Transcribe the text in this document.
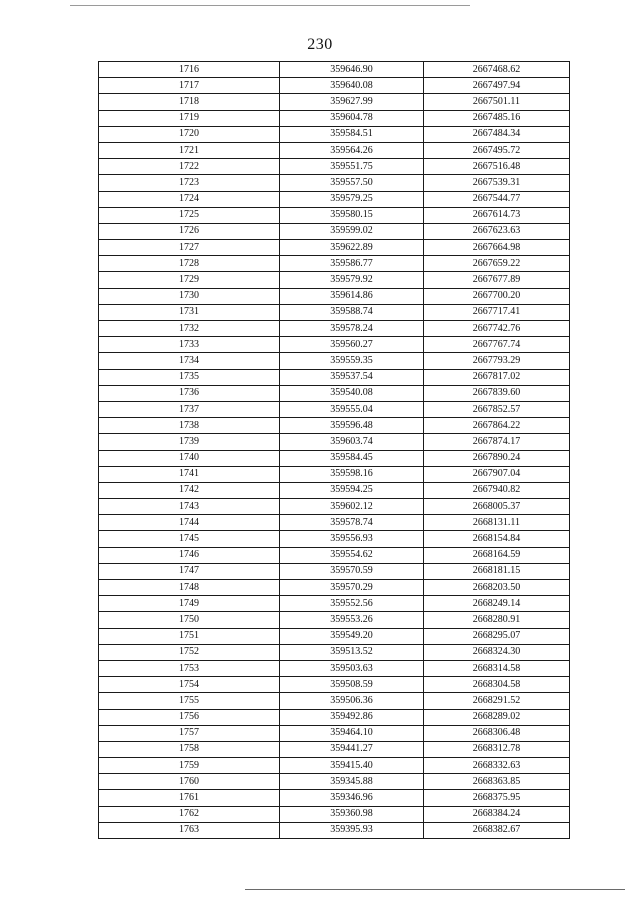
230
1716	359646.90	2667468.62
1717	359640.08	2667497.94
1718	359627.99	2667501.11
1719	359604.78	2667485.16
1720	359584.51	2667484.34
1721	359564.26	2667495.72
1722	359551.75	2667516.48
1723	359557.50	2667539.31
1724	359579.25	2667544.77
1725	359580.15	2667614.73
1726	359599.02	2667623.63
1727	359622.89	2667664.98
1728	359586.77	2667659.22
1729	359579.92	2667677.89
1730	359614.86	2667700.20
1731	359588.74	2667717.41
1732	359578.24	2667742.76
1733	359560.27	2667767.74
1734	359559.35	2667793.29
1735	359537.54	2667817.02
1736	359540.08	2667839.60
1737	359555.04	2667852.57
1738	359596.48	2667864.22
1739	359603.74	2667874.17
1740	359584.45	2667890.24
1741	359598.16	2667907.04
1742	359594.25	2667940.82
1743	359602.12	2668005.37
1744	359578.74	2668131.11
1745	359556.93	2668154.84
1746	359554.62	2668164.59
1747	359570.59	2668181.15
1748	359570.29	2668203.50
1749	359552.56	2668249.14
1750	359553.26	2668280.91
1751	359549.20	2668295.07
1752	359513.52	2668324.30
1753	359503.63	2668314.58
1754	359508.59	2668304.58
1755	359506.36	2668291.52
1756	359492.86	2668289.02
1757	359464.10	2668306.48
1758	359441.27	2668312.78
1759	359415.40	2668332.63
1760	359345.88	2668363.85
1761	359346.96	2668375.95
1762	359360.98	2668384.24
1763	359395.93	2668382.67
